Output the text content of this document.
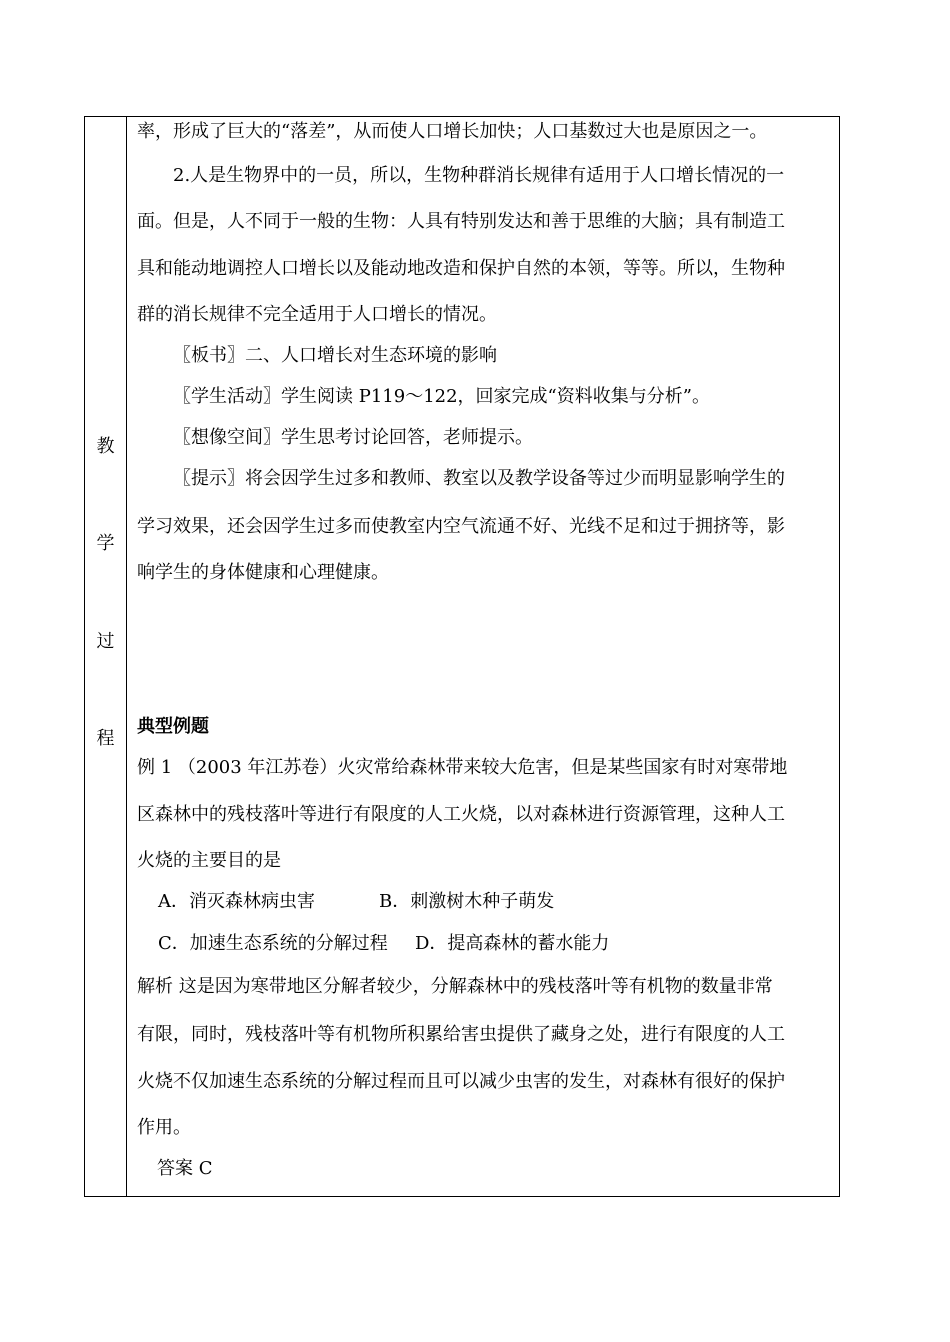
教
学
过
程
率，形成了巨大的“落差”，从而使人口增长加快；人口基数过大也是原因之一。
2.人是生物界中的一员，所以，生物种群消长规律有适用于人口增长情况的一
面。但是，人不同于一般的生物：人具有特别发达和善于思维的大脑；具有制造工
具和能动地调控人口增长以及能动地改造和保护自然的本领，等等。所以，生物种
群的消长规律不完全适用于人口增长的情况。
〖板书〗二、人口增长对生态环境的影响
〖学生活动〗学生阅读 P119～122，回家完成“资料收集与分析”。
〖想像空间〗学生思考讨论回答，老师提示。
〖提示〗将会因学生过多和教师、教室以及教学设备等过少而明显影响学生的
学习效果，还会因学生过多而使教室内空气流通不好、光线不足和过于拥挤等，影
响学生的身体健康和心理健康。
典型例题
例 1 （2003 年江苏卷）火灾常给森林带来较大危害，但是某些国家有时对寒带地
区森林中的残枝落叶等进行有限度的人工火烧，以对森林进行资源管理，这种人工
火烧的主要目的是
A．消灭森林病虫害	B．刺激树木种子萌发
C．加速生态系统的分解过程 D．提高森林的蓄水能力
解析 这是因为寒带地区分解者较少，分解森林中的残枝落叶等有机物的数量非常
有限，同时，残枝落叶等有机物所积累给害虫提供了藏身之处，进行有限度的人工
火烧不仅加速生态系统的分解过程而且可以减少虫害的发生，对森林有很好的保护
作用。
答案 C
